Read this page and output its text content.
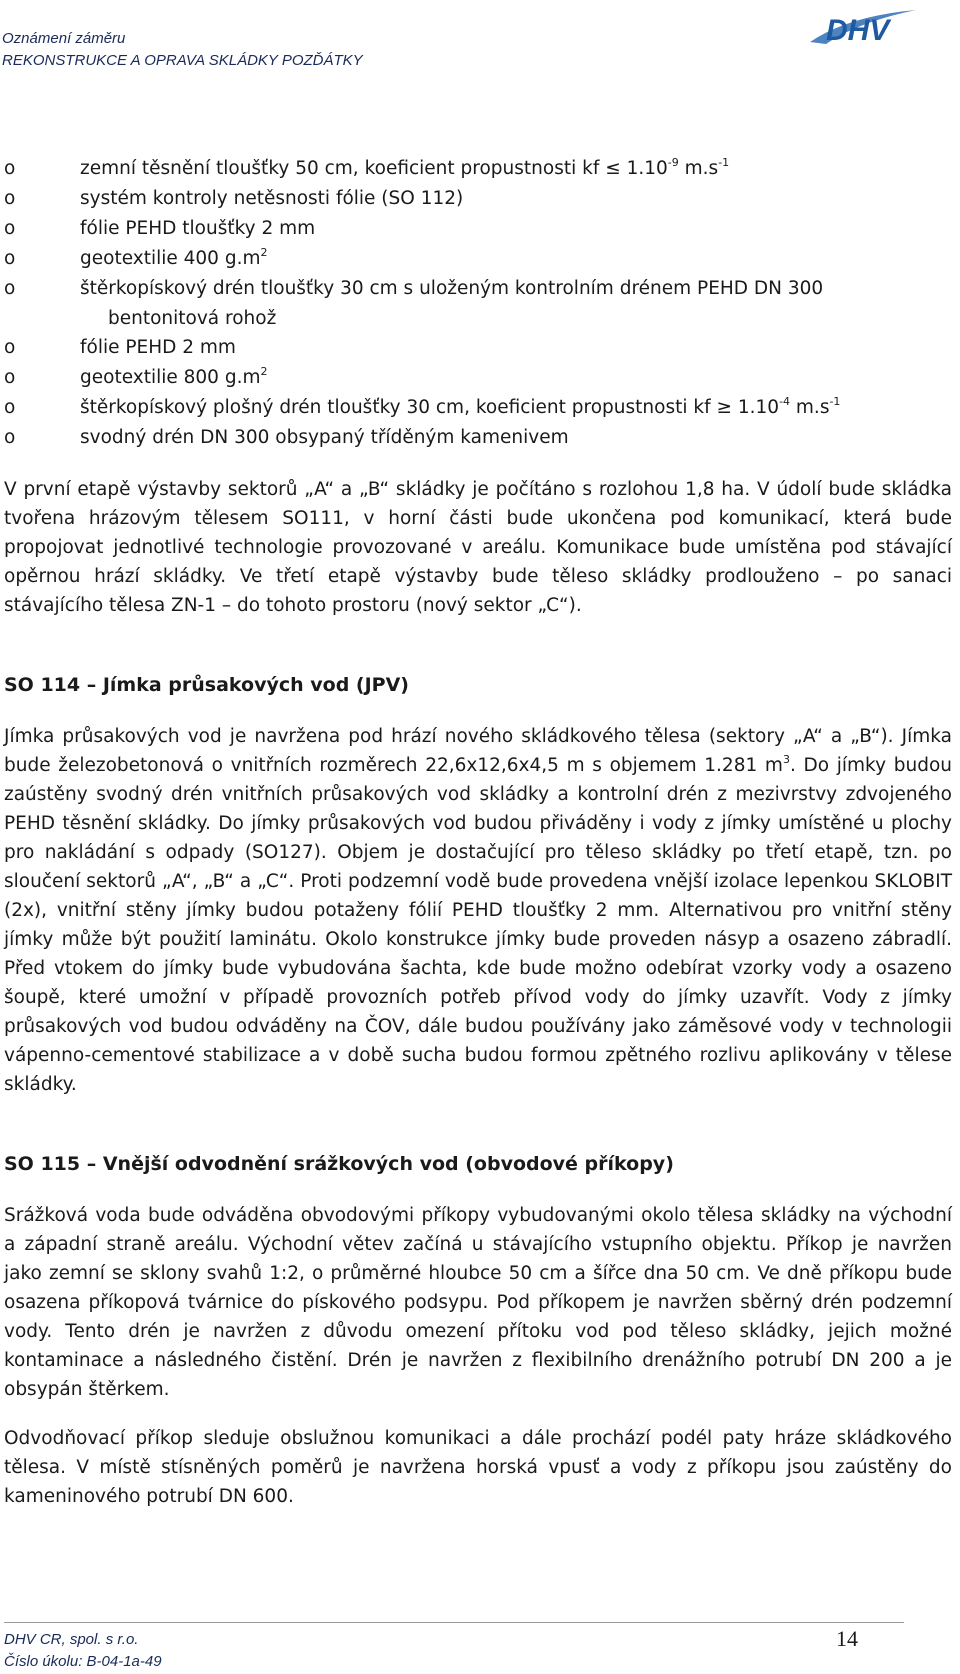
Oznámení záměru
REKONSTRUKCE A OPRAVA SKLÁDKY POZĎÁTKY
DHV
o	zemní těsnění tloušťky 50 cm, koeficient propustnosti kf ≤ $1.10^{-9}$ $m.s^{-1}$
o	systém kontroly netěsnosti fólie (SO 112)
o	fólie PEHD tloušťky 2 mm
o	geotextilie 400 $g.m^2$
o	štěrkopískový drén tloušťky 30 cm s uloženým kontrolním drénem PEHD DN 300
bentonitová rohož
o	fólie PEHD 2 mm
o	geotextilie 800 $g.m^2$
o	štěrkopískový plošný drén tloušťky 30 cm, koeficient propustnosti kf ≥ $1.10^{-4}$ $m.s^{-1}$
o	svodný drén DN 300 obsypaný tříděným kamenivem

V první etapě výstavby sektorů „A“ a „B“ skládky je počítáno s rozlohou 1,8 ha. V údolí bude skládka tvořena hrázovým tělesem SO111, v horní části bude ukončena pod komunikací, která bude propojovat jednotlivé technologie provozované v areálu. Komunikace bude umístěna pod stávající opěrnou hrází skládky. Ve třetí etapě výstavby bude těleso skládky prodlouženo – po sanaci stávajícího tělesa ZN-1 – do tohoto prostoru (nový sektor „C“).

SO 114 – Jímka průsakových vod (JPV)

Jímka průsakových vod je navržena pod hrází nového skládkového tělesa (sektory „A“ a „B“). Jímka bude železobetonová o vnitřních rozměrech 22,6x12,6x4,5 m s objemem 1.281 $m^3$. Do jímky budou zaústěny svodný drén vnitřních průsakových vod skládky a kontrolní drén z mezivrstvy zdvojeného PEHD těsnění skládky. Do jímky průsakových vod budou přiváděny i vody z jímky umístěné u plochy pro nakládání s odpady (SO127). Objem je dostačující pro těleso skládky po třetí etapě, tzn. po sloučení sektorů „A“, „B“ a „C“. Proti podzemní vodě bude provedena vnější izolace lepenkou SKLOBIT (2x), vnitřní stěny jímky budou potaženy fólií PEHD tloušťky 2 mm. Alternativou pro vnitřní stěny jímky může být použití laminátu. Okolo konstrukce jímky bude proveden násyp a osazeno zábradlí. Před vtokem do jímky bude vybudována šachta, kde bude možno odebírat vzorky vody a osazeno šoupě, které umožní v případě provozních potřeb přívod vody do jímky uzavřít. Vody z jímky průsakových vod budou odváděny na ČOV, dále budou používány jako záměsové vody v technologii vápenno-cementové stabilizace a v době sucha budou formou zpětného rozlivu aplikovány v tělese skládky.

SO 115 – Vnější odvodnění srážkových vod (obvodové příkopy)

Srážková voda bude odváděna obvodovými příkopy vybudovanými okolo tělesa skládky na východní a západní straně areálu. Východní větev začíná u stávajícího vstupního objektu. Příkop je navržen jako zemní se sklony svahů 1:2, o průměrné hloubce 50 cm a šířce dna 50 cm. Ve dně příkopu bude osazena příkopová tvárnice do pískového podsypu. Pod příkopem je navržen sběrný drén podzemní vody. Tento drén je navržen z důvodu omezení přítoku vod pod těleso skládky, jejich možné kontaminace a následného čistění. Drén je navržen z flexibilního drenážního potrubí DN 200 a je obsypán štěrkem.

Odvodňovací příkop sleduje obslužnou komunikaci a dále prochází podél paty hráze skládkového tělesa. V místě stísněných poměrů je navržena horská vpusť a vody z příkopu jsou zaústěny do kameninového potrubí DN 600.

DHV CR, spol. s r.o.
Číslo úkolu: B-04-1a-49
14
